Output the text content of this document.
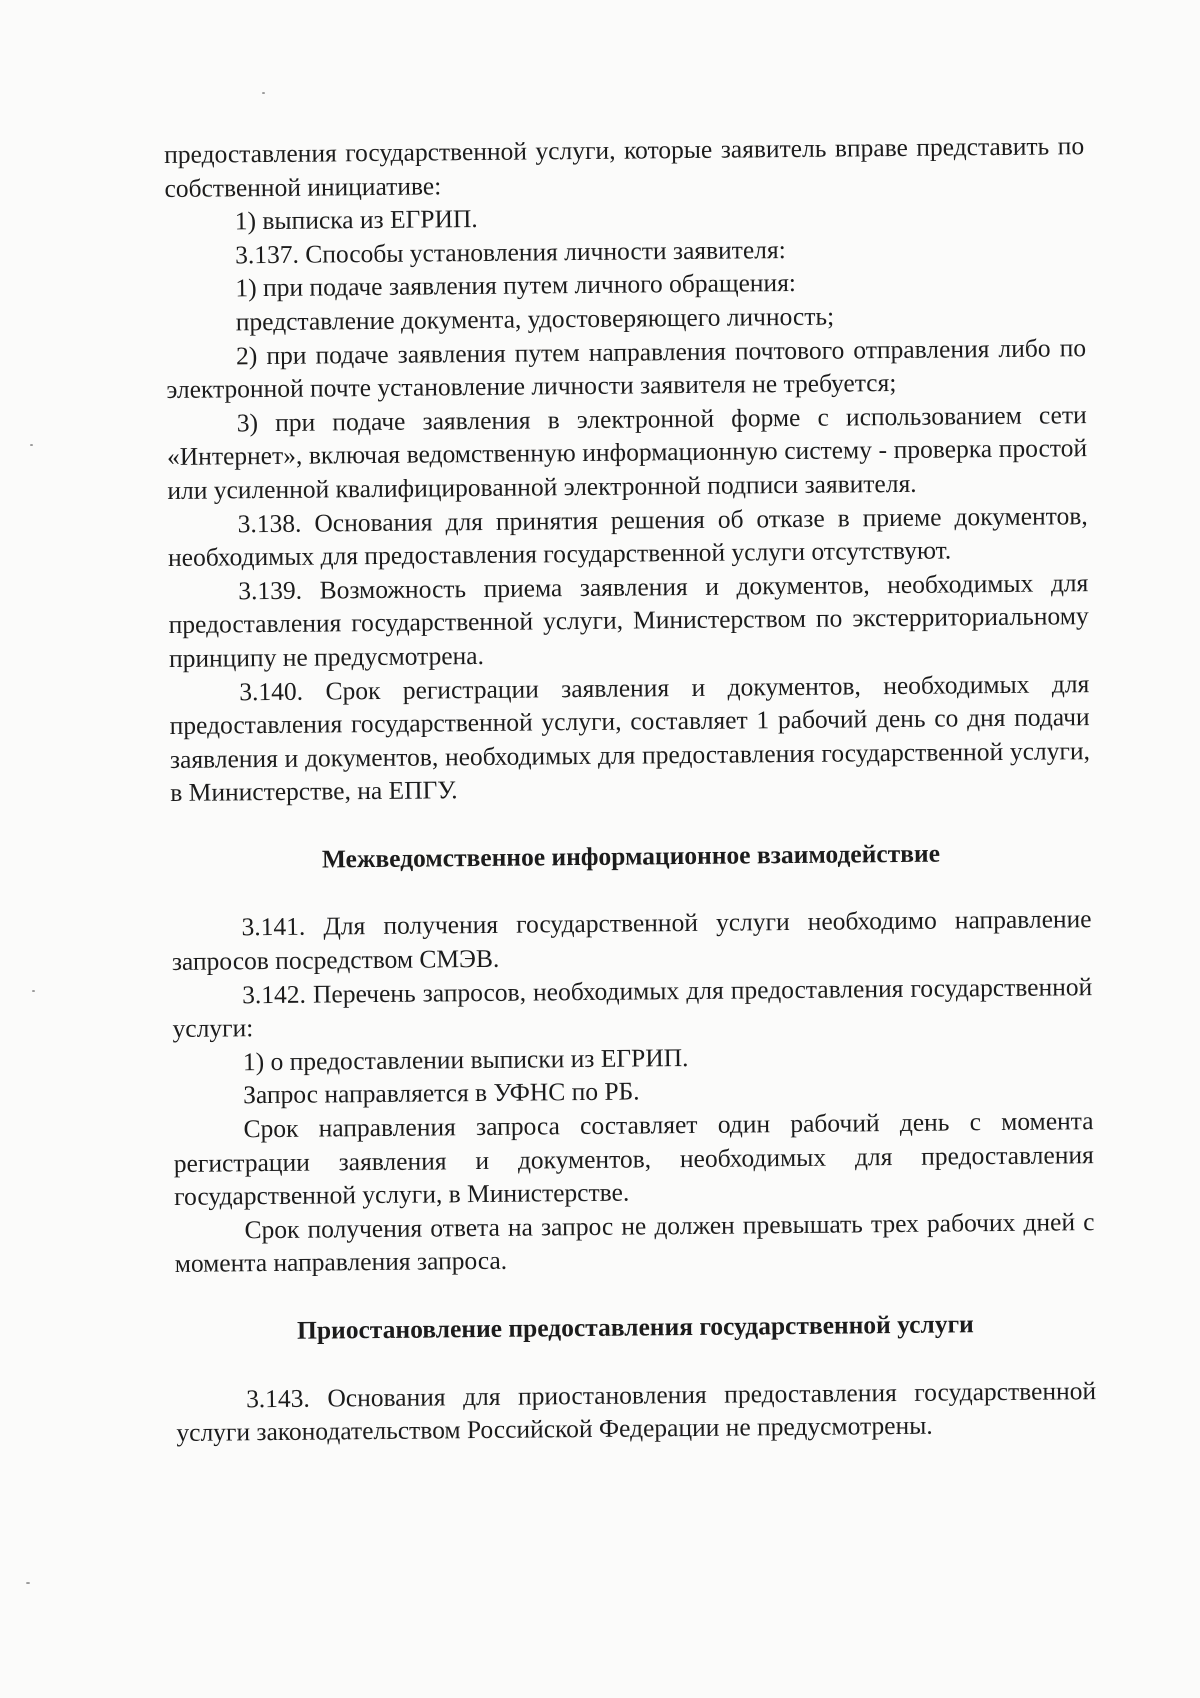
предоставления государственной услуги, которые заявитель вправе представить по собственной инициативе:

1) выписка из ЕГРИП.

3.137. Способы установления личности заявителя:

1) при подаче заявления путем личного обращения:

представление документа, удостоверяющего личность;

2) при подаче заявления путем направления почтового отправления либо по электронной почте установление личности заявителя не требуется;

3) при подаче заявления в электронной форме с использованием сети «Интернет», включая ведомственную информационную систему - проверка простой или усиленной квалифицированной электронной подписи заявителя.

3.138. Основания для принятия решения об отказе в приеме документов, необходимых для предоставления государственной услуги отсутствуют.

3.139. Возможность приема заявления и документов, необходимых для предоставления государственной услуги, Министерством по экстерриториальному принципу не предусмотрена.

3.140. Срок регистрации заявления и документов, необходимых для предоставления государственной услуги, составляет 1 рабочий день со дня подачи заявления и документов, необходимых для предоставления государственной услуги, в Министерстве, на ЕПГУ.

Межведомственное информационное взаимодействие

3.141. Для получения государственной услуги необходимо направление запросов посредством СМЭВ.

3.142. Перечень запросов, необходимых для предоставления государственной услуги:

1) о предоставлении выписки из ЕГРИП.

Запрос направляется в УФНС по РБ.

Срок направления запроса составляет один рабочий день с момента регистрации заявления и документов, необходимых для предоставления государственной услуги, в Министерстве.

Срок получения ответа на запрос не должен превышать трех рабочих дней с момента направления запроса.

Приостановление предоставления государственной услуги

3.143. Основания для приостановления предоставления государственной услуги законодательством Российской Федерации не предусмотрены.
